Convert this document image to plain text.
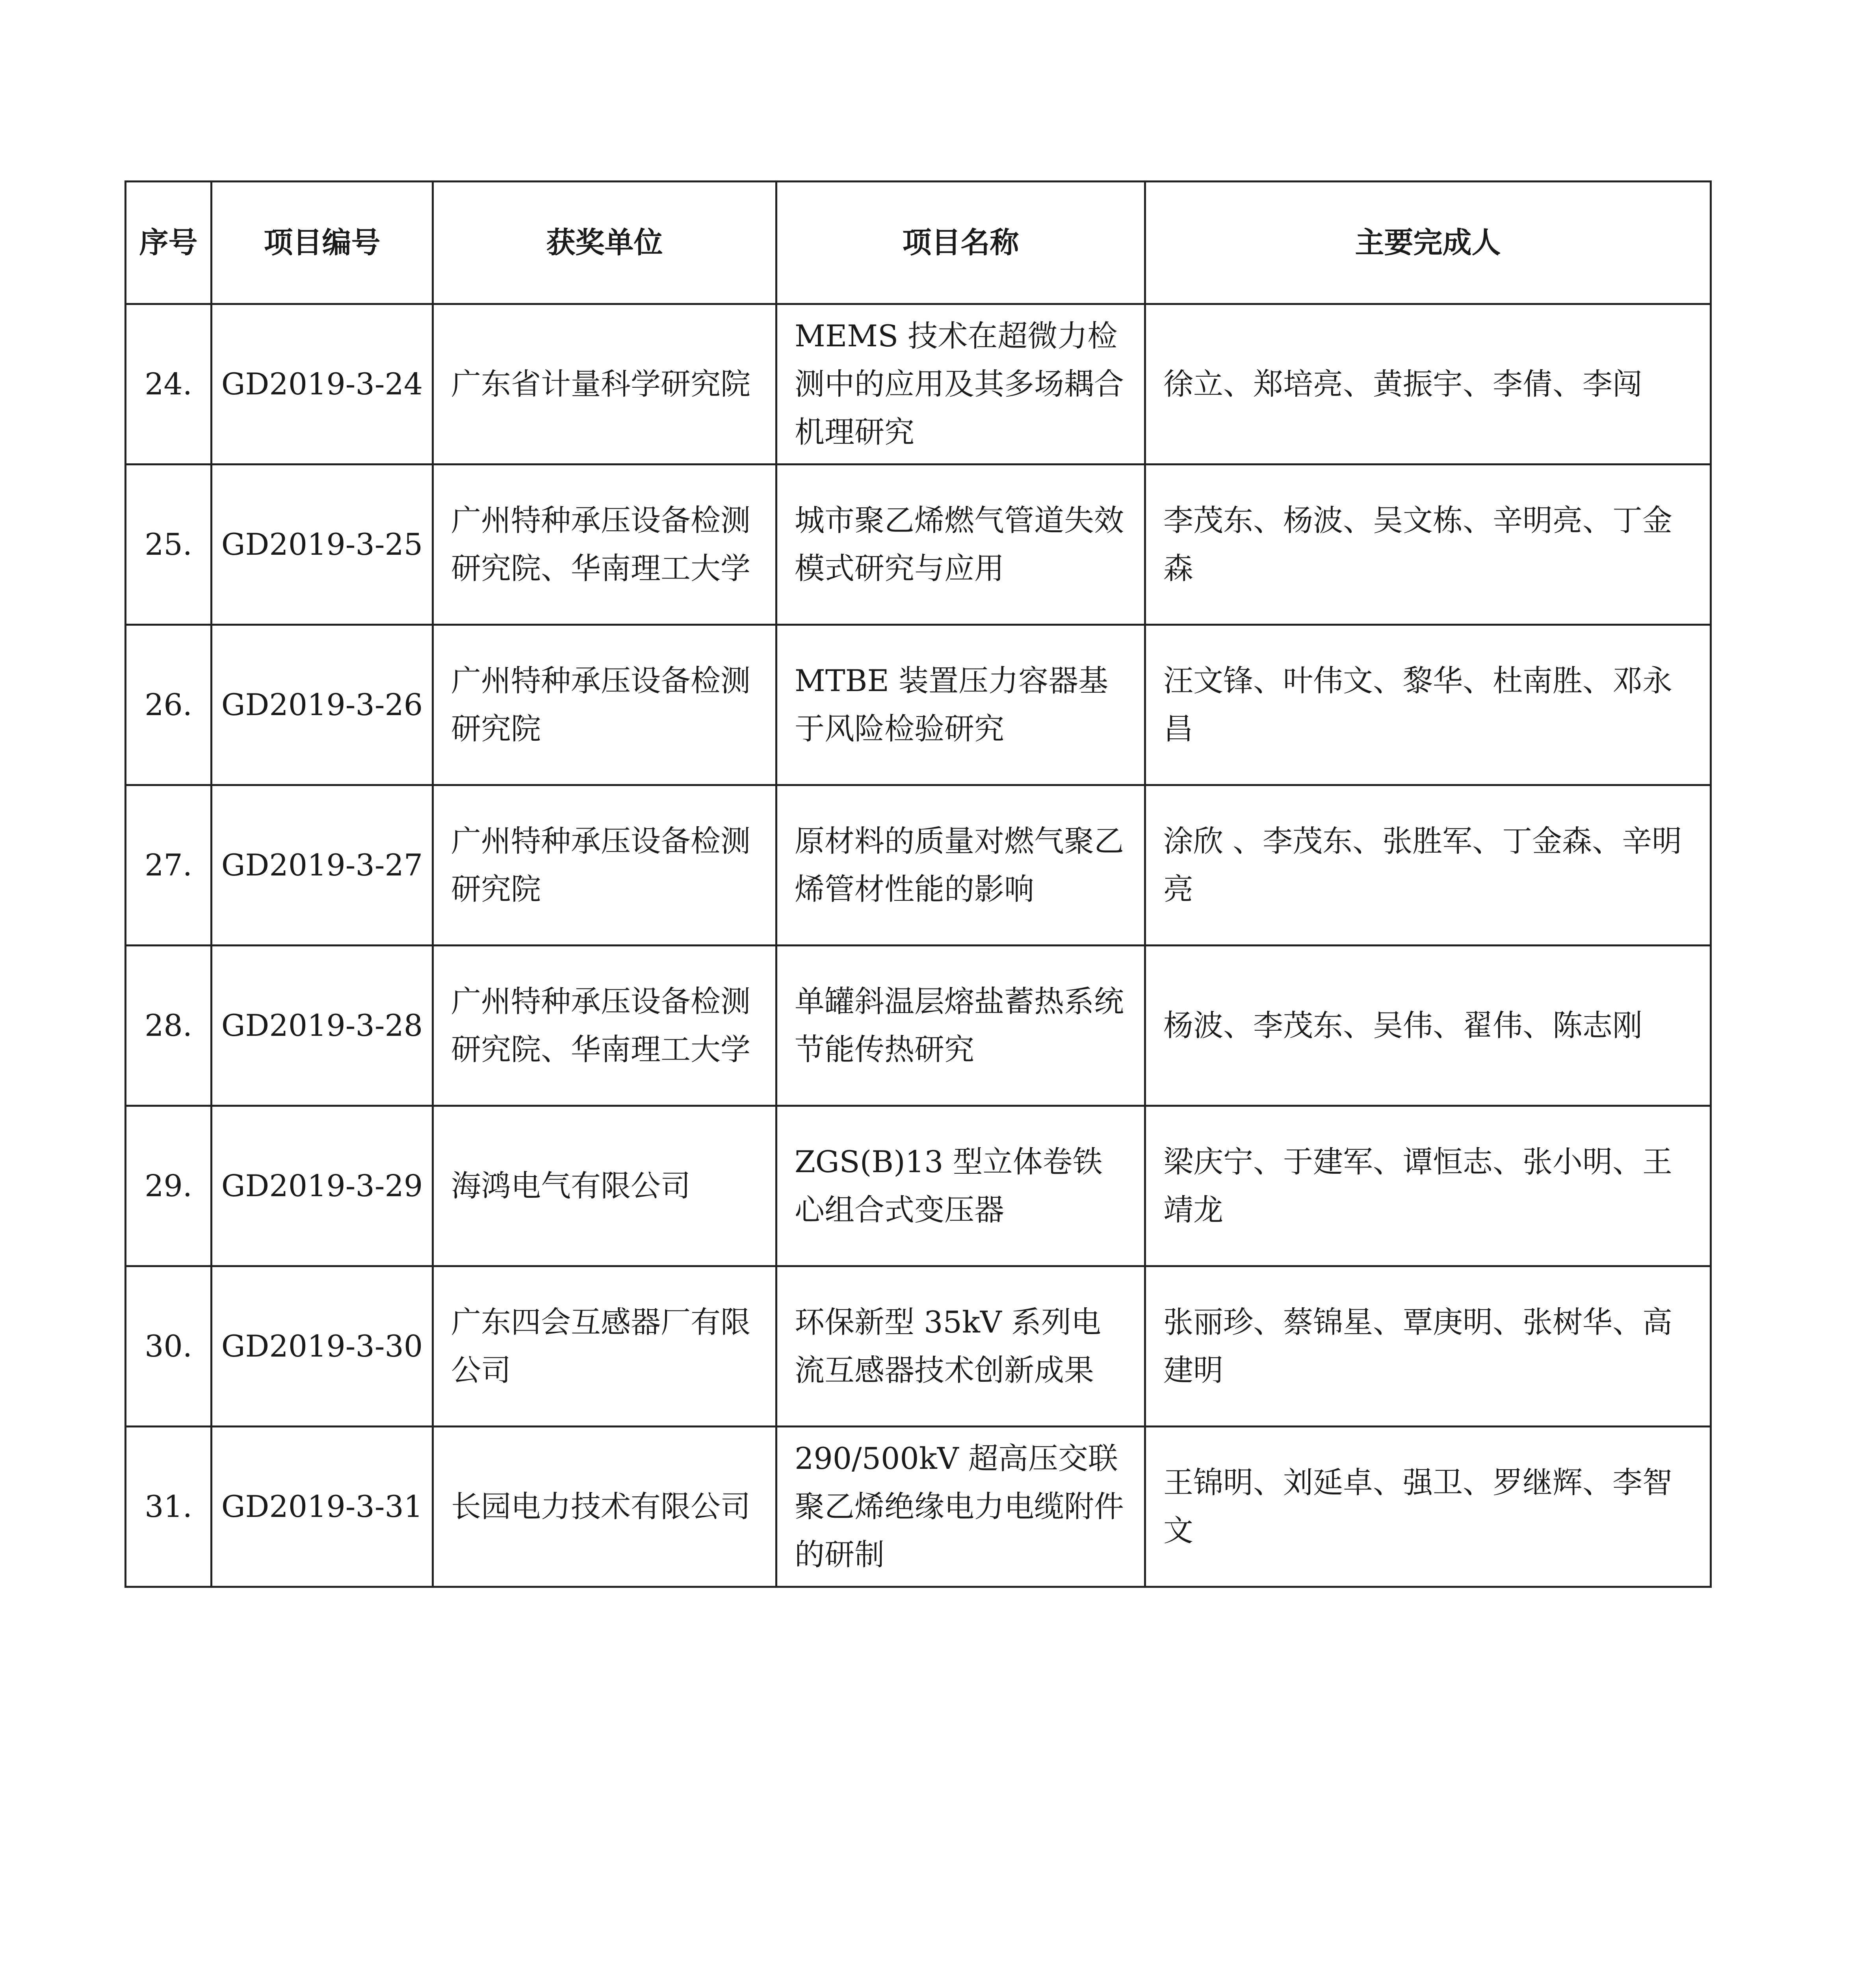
序号	项目编号	获奖单位	项目名称	主要完成人
24.	GD2019-3-24	广东省计量科学研究院	MEMS 技术在超微力检测中的应用及其多场耦合机理研究	徐立、郑培亮、黄振宇、李倩、李闯
25.	GD2019-3-25	广州特种承压设备检测研究院、华南理工大学	城市聚乙烯燃气管道失效模式研究与应用	李茂东、杨波、吴文栋、辛明亮、丁金森
26.	GD2019-3-26	广州特种承压设备检测研究院	MTBE 装置压力容器基于风险检验研究	汪文锋、叶伟文、黎华、杜南胜、邓永昌
27.	GD2019-3-27	广州特种承压设备检测研究院	原材料的质量对燃气聚乙烯管材性能的影响	涂欣 、李茂东、张胜军、丁金森、辛明亮
28.	GD2019-3-28	广州特种承压设备检测研究院、华南理工大学	单罐斜温层熔盐蓄热系统节能传热研究	杨波、李茂东、吴伟、翟伟、陈志刚
29.	GD2019-3-29	海鸿电气有限公司	ZGS(B)13 型立体卷铁心组合式变压器	梁庆宁、于建军、谭恒志、张小明、王靖龙
30.	GD2019-3-30	广东四会互感器厂有限公司	环保新型 35kV 系列电流互感器技术创新成果	张丽珍、蔡锦星、覃庚明、张树华、高建明
31.	GD2019-3-31	长园电力技术有限公司	290/500kV 超高压交联聚乙烯绝缘电力电缆附件的研制	王锦明、刘延卓、强卫、罗继辉、李智文
